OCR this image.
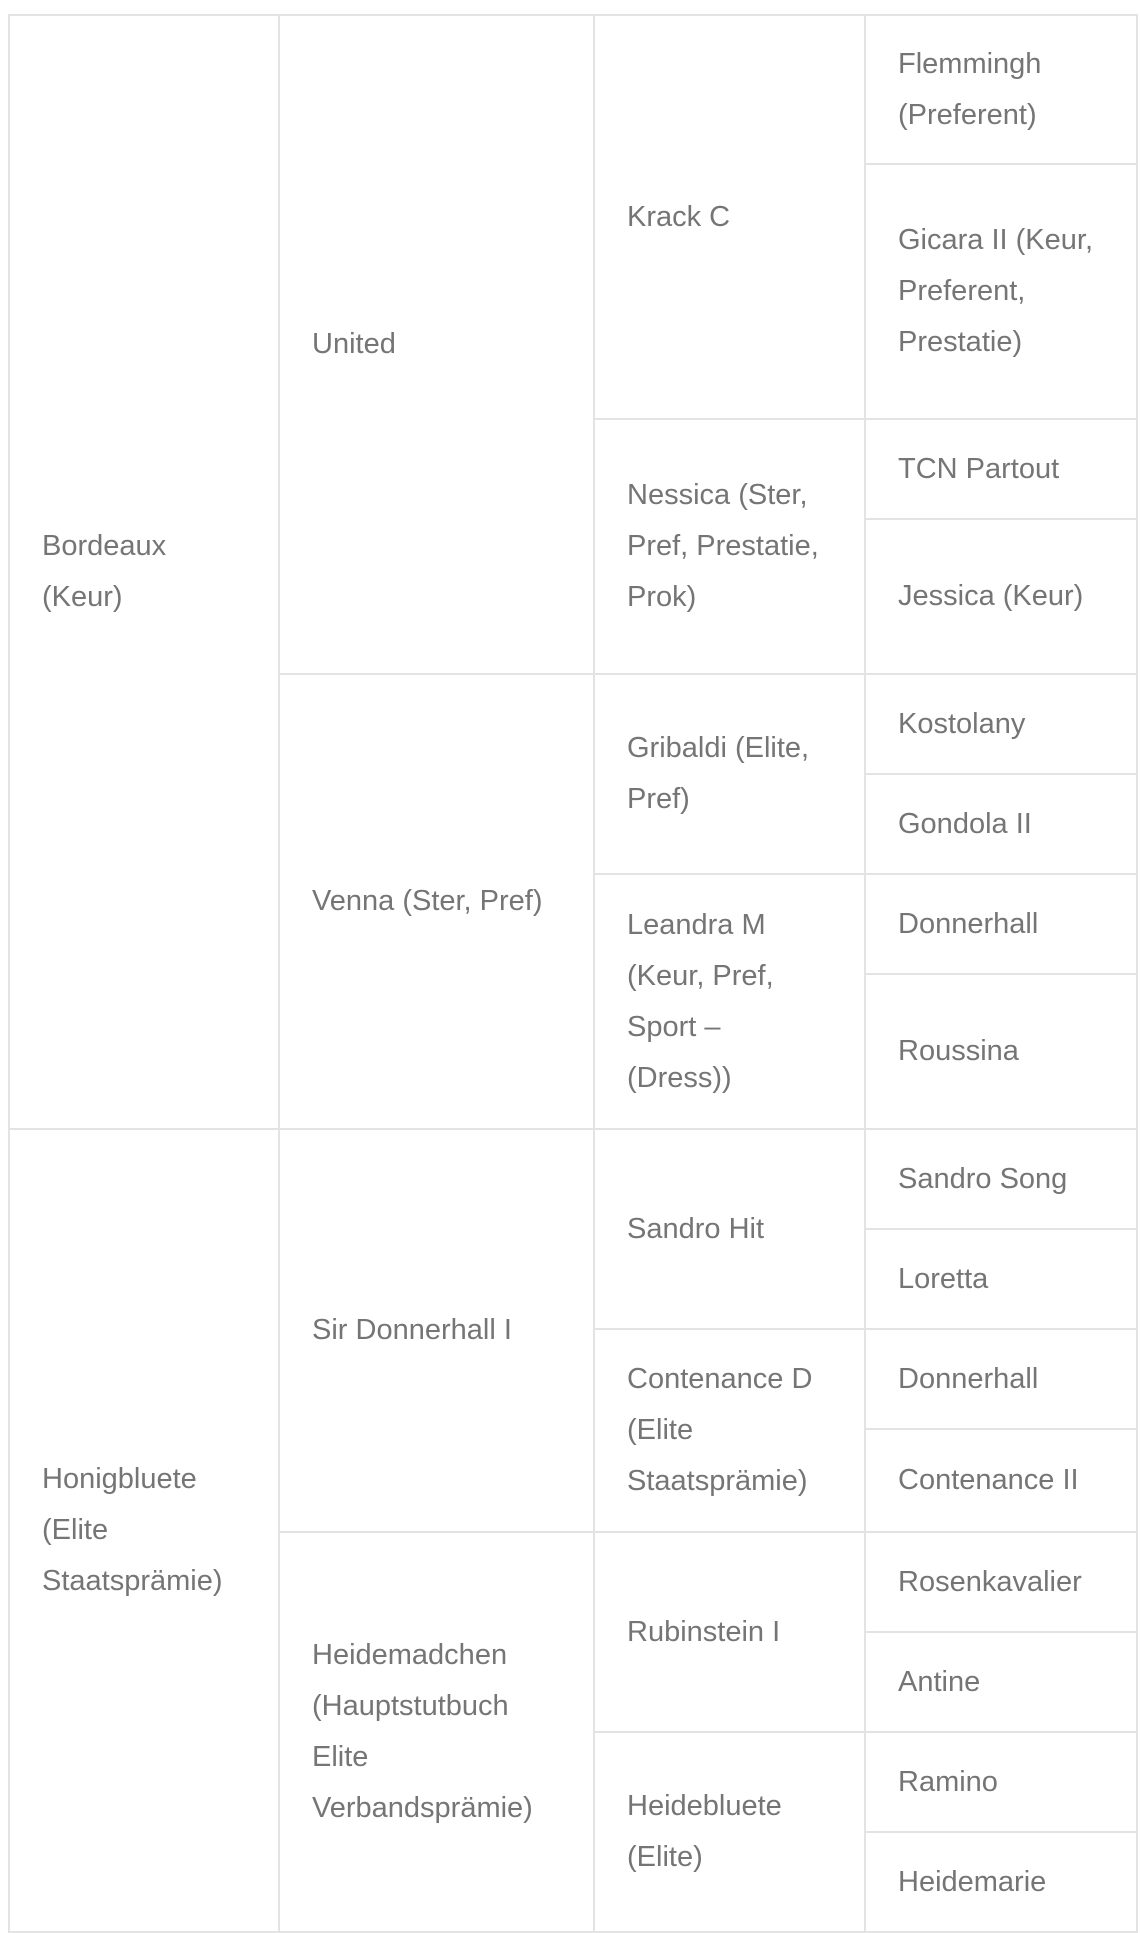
Bordeaux (Keur)	United	Krack C	Flemmingh (Preferent)

			Gicara II (Keur, Preferent, Prestatie)

		Nessica (Ster, Pref, Prestatie, Prok)	TCN Partout

			Jessica (Keur)

	Venna (Ster, Pref)	Gribaldi (Elite, Pref)	Kostolany

			Gondola II

		Leandra M (Keur, Pref, Sport – (Dress))	Donnerhall

			Roussina

Honigbluete (Elite Staatsprämie)	Sir Donnerhall I	Sandro Hit	Sandro Song

			Loretta

		Contenance D (Elite Staatsprämie)	Donnerhall

			Contenance II

	Heidemadchen (Hauptstutbuch Elite Verbandsprämie)	Rubinstein I	Rosenkavalier

			Antine

		Heidebluete (Elite)	Ramino

			Heidemarie
